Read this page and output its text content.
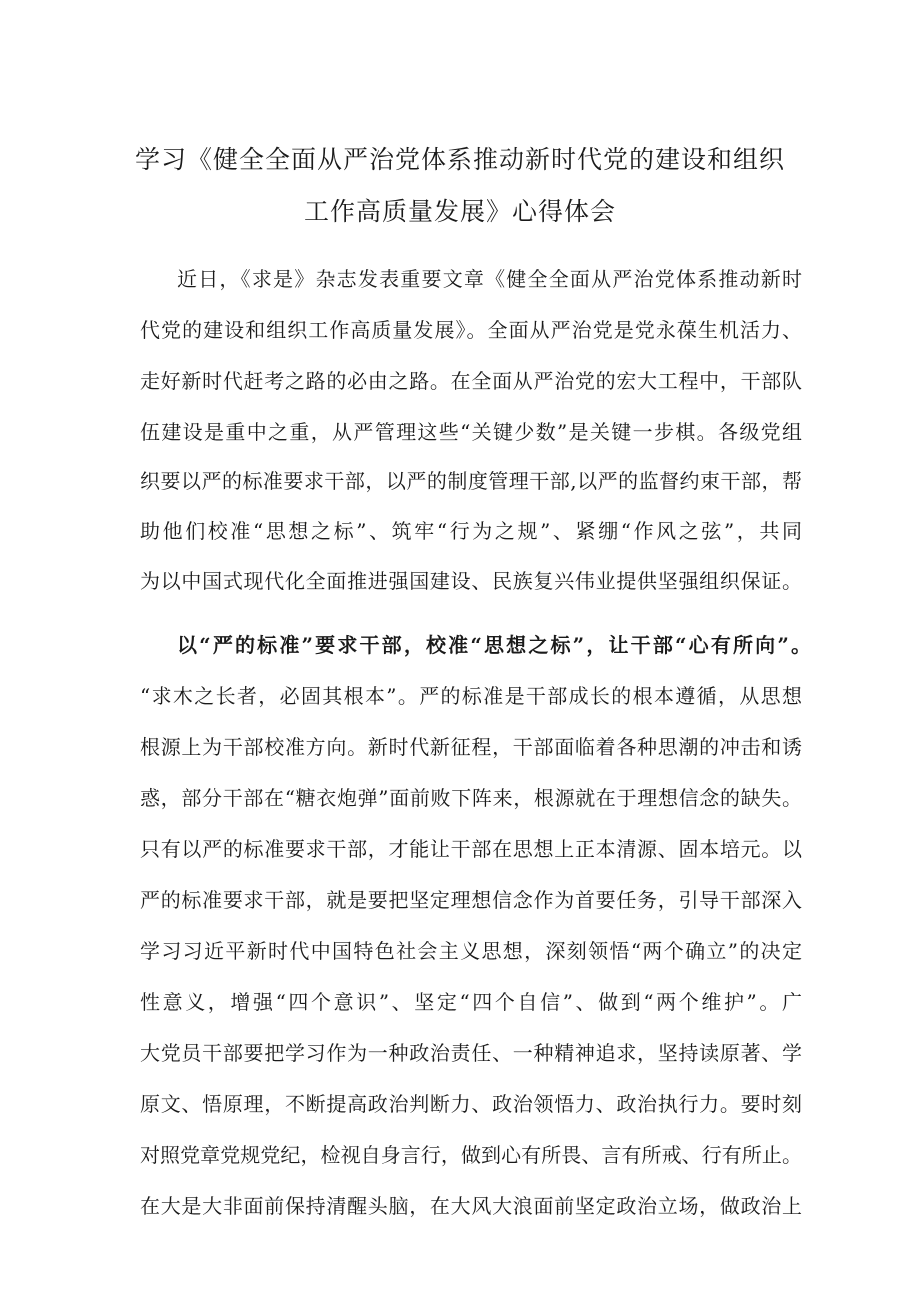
学习《健全全面从严治党体系推动新时代党的建设和组织
工作高质量发展》心得体会
近日，《求是》杂志发表重要文章《健全全面从严治党体系推动新时
代党的建设和组织工作高质量发展》。全面从严治党是党永葆生机活力、
走好新时代赶考之路的必由之路。在全面从严治党的宏大工程中，干部队
伍建设是重中之重，从严管理这些“关键少数”是关键一步棋。各级党组
织要以严的标准要求干部，以严的制度管理干部,以严的监督约束干部，帮
助他们校准“思想之标”、筑牢“行为之规”、紧绷“作风之弦”，共同
为以中国式现代化全面推进强国建设、民族复兴伟业提供坚强组织保证。
以“严的标准”要求干部，校准“思想之标”，让干部“心有所向”。
“求木之长者，必固其根本”。严的标准是干部成长的根本遵循，从思想
根源上为干部校准方向。新时代新征程，干部面临着各种思潮的冲击和诱
惑，部分干部在“糖衣炮弹”面前败下阵来，根源就在于理想信念的缺失。
只有以严的标准要求干部，才能让干部在思想上正本清源、固本培元。以
严的标准要求干部，就是要把坚定理想信念作为首要任务，引导干部深入
学习习近平新时代中国特色社会主义思想，深刻领悟“两个确立”的决定
性意义，增强“四个意识”、坚定“四个自信”、做到“两个维护”。广
大党员干部要把学习作为一种政治责任、一种精神追求，坚持读原著、学
原文、悟原理，不断提高政治判断力、政治领悟力、政治执行力。要时刻
对照党章党规党纪，检视自身言行，做到心有所畏、言有所戒、行有所止。
在大是大非面前保持清醒头脑，在大风大浪面前坚定政治立场，做政治上
